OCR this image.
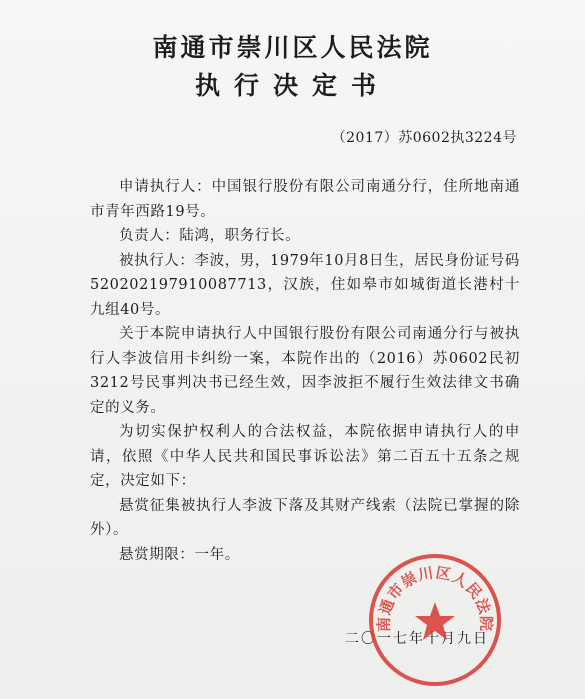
南通市崇川区人民法院
执行决定书
（2017）苏0602执3224号

申请执行人：中国银行股份有限公司南通分行，住所地南通市青年西路19号。

负责人：陆鸿，职务行长。

被执行人：李波，男，1979年10月8日生，居民身份证号码520202197910087713，汉族，住如皋市如城街道长港村十九组40号。

关于本院申请执行人中国银行股份有限公司南通分行与被执行人李波信用卡纠纷一案，本院作出的（2016）苏0602民初3212号民事判决书已经生效，因李波拒不履行生效法律文书确定的义务。

为切实保护权利人的合法权益，本院依据申请执行人的申请，依照《中华人民共和国民事诉讼法》第二百五十五条之规定，决定如下：

悬赏征集被执行人李波下落及其财产线索（法院已掌握的除外）。

悬赏期限：一年。

二〇一七年十月九日
南通市崇川区人民法院
